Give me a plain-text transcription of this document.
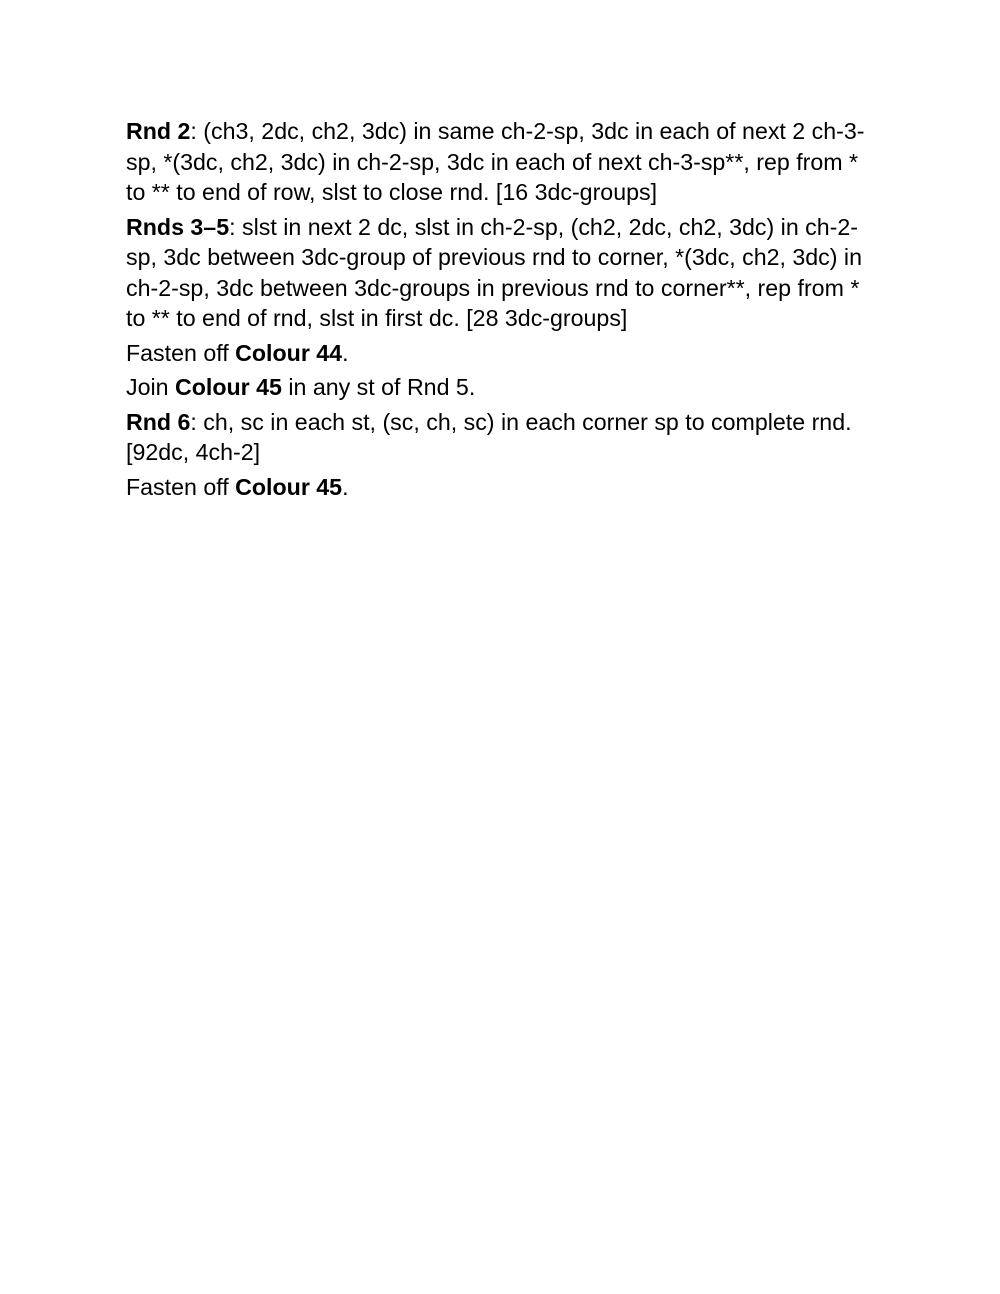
Rnd 2: (ch3, 2dc, ch2, 3dc) in same ch-2-sp, 3dc in each of next 2 ch-3-sp, *(3dc, ch2, 3dc) in ch-2-sp, 3dc in each of next ch-3-sp**, rep from * to ** to end of row, slst to close rnd. [16 3dc-groups]

Rnds 3–5: slst in next 2 dc, slst in ch-2-sp, (ch2, 2dc, ch2, 3dc) in ch-2-sp, 3dc between 3dc-group of previous rnd to corner, *(3dc, ch2, 3dc) in ch-2-sp, 3dc between 3dc-groups in previous rnd to corner**, rep from * to ** to end of rnd, slst in first dc. [28 3dc-groups]

Fasten off Colour 44.

Join Colour 45 in any st of Rnd 5.

Rnd 6: ch, sc in each st, (sc, ch, sc) in each corner sp to complete rnd. [92dc, 4ch-2]

Fasten off Colour 45.
